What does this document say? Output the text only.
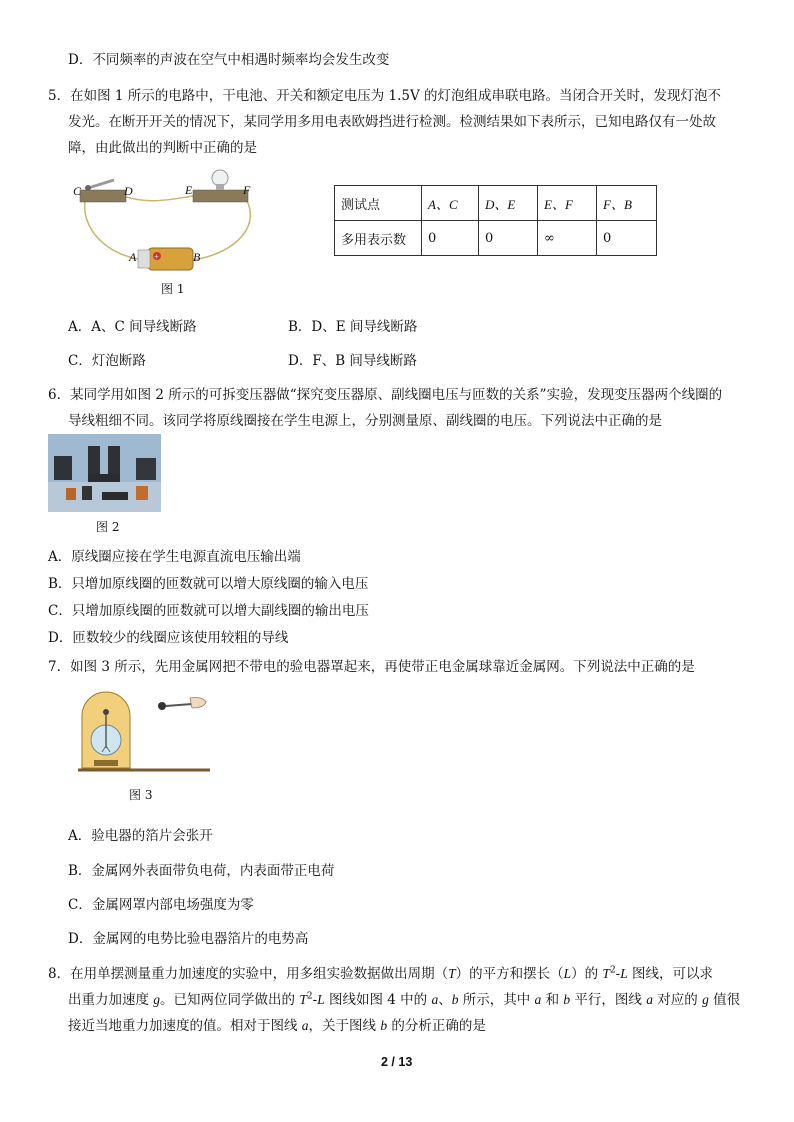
D．不同频率的声波在空气中相遇时频率均会发生改变
5．在如图 1 所示的电路中，干电池、开关和额定电压为 1.5V 的灯泡组成串联电路。当闭合开关时，发现灯泡不
发光。在断开开关的情况下，某同学用多用电表欧姆挡进行检测。检测结果如下表所示，已知电路仅有一处故
障，由此做出的判断中正确的是
+
C	D	E	F
A	B
图 1
测试点	A、C	D、E	E、F	F、B
多用表示数	0	0	∞	0
A．A、C 间导线断路	B．D、E 间导线断路
C．灯泡断路	D．F、B 间导线断路
6．某同学用如图 2 所示的可拆变压器做“探究变压器原、副线圈电压与匝数的关系”实验，发现变压器两个线圈的
导线粗细不同。该同学将原线圈接在学生电源上，分别测量原、副线圈的电压。下列说法中正确的是
图 2
A．原线圈应接在学生电源直流电压输出端
B．只增加原线圈的匝数就可以增大原线圈的输入电压
C．只增加原线圈的匝数就可以增大副线圈的输出电压
D．匝数较少的线圈应该使用较粗的导线
7．如图 3 所示，先用金属网把不带电的验电器罩起来，再使带正电金属球靠近金属网。下列说法中正确的是
图 3
A．验电器的箔片会张开
B．金属网外表面带负电荷，内表面带正电荷
C．金属网罩内部电场强度为零
D．金属网的电势比验电器箔片的电势高
8．在用单摆测量重力加速度的实验中，用多组实验数据做出周期（T）的平方和摆长（L）的 $T^2-L$ 图线，可以求
出重力加速度 g。已知两位同学做出的 $T^2-L$ 图线如图 4 中的 a、b 所示，其中 a 和 b 平行，图线 a 对应的 g 值很
接近当地重力加速度的值。相对于图线 a，关于图线 b 的分析正确的是
2 / 13
